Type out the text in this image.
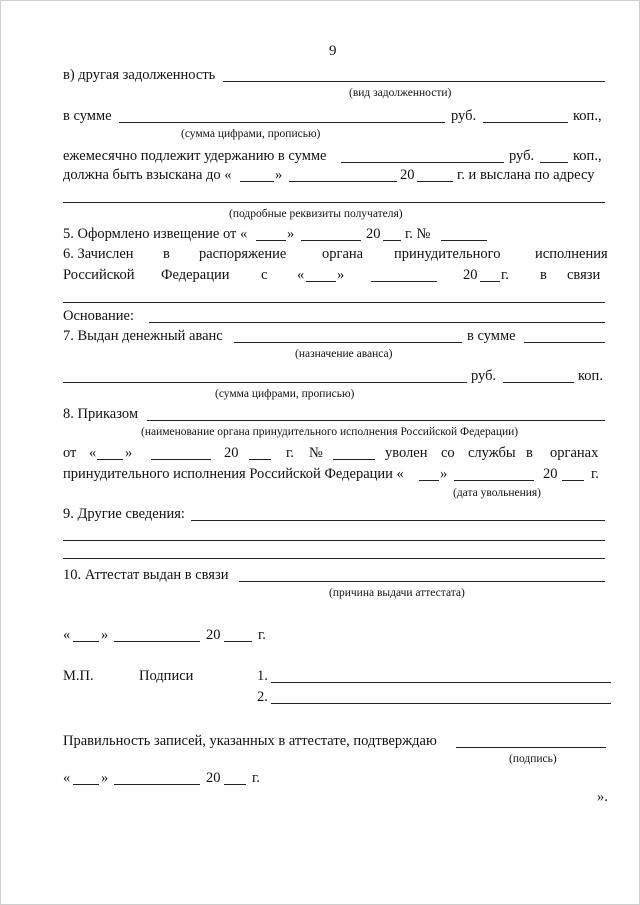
9
в) другая задолженность
(вид задолженности)
в сумме	руб.	коп.,
(сумма цифрами, прописью)
ежемесячно подлежит удержанию в сумме	руб.	коп.,
должна быть взыскана до «	»	20	г. и выслана по адресу
(подробные реквизиты получателя)
5. Оформлено извещение от «	»	20 г. №
6. Зачислен в распоряжение органа принудительного исполнения
Российской Федерации с « »	20 г. в связи
Основание:
7. Выдан денежный аванс	в сумме
(назначение аванса)
руб.	коп.
(сумма цифрами, прописью)
8. Приказом
(наименование органа принудительного исполнения Российской Федерации)
от « »	20	г. №	уволен со службы в органах
принудительного исполнения Российской Федерации « »	20 г.
(дата увольнения)
9. Другие сведения:
10. Аттестат выдан в связи
(причина выдачи аттестата)
« »	20	г.
М.П.	Подписи	1.
2.
Правильность записей, указанных в аттестате, подтверждаю
(подпись)
« »	20 г.
».
